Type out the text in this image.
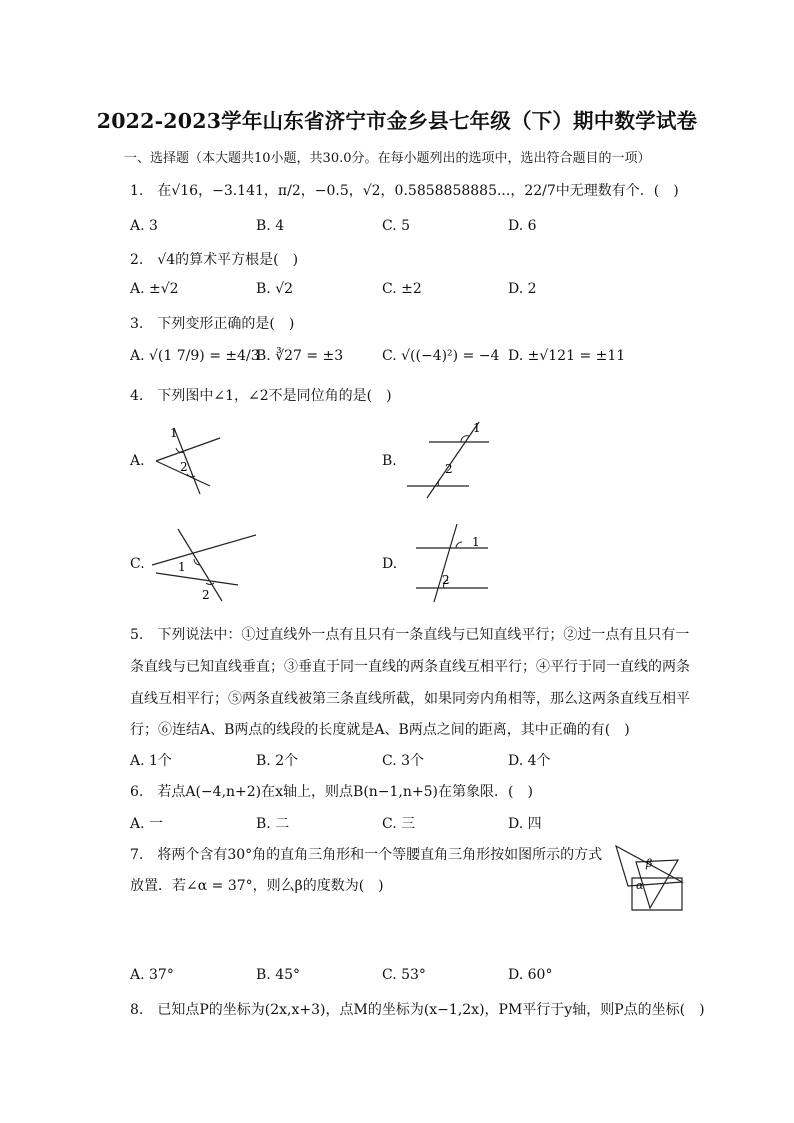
2022-2023学年山东省济宁市金乡县七年级（下）期中数学试卷
一、选择题（本大题共10小题，共30.0分。在每小题列出的选项中，选出符合题目的一项）
1.　在√16，−3.141，π/2，−0.5，√2，0.5858858885...，22/7中无理数有个．(　)
A. 3	B. 4	C. 5	D. 6
2.　√4的算术平方根是(　)
A. ±√2	B. √2	C. ±2	D. 2
3.　下列变形正确的是(　)
A. √(1 7/9) = ±4/3
B. ∛27 = ±3	C. √((−4)²) = −4 D. ±√121 = ±11
4.　下列图中∠1，∠2不是同位角的是(　)
A.
1
2	B.
1
2
C.	1
2
D.
1
2
5.　下列说法中：①过直线外一点有且只有一条直线与已知直线平行；②过一点有且只有一
条直线与已知直线垂直；③垂直于同一直线的两条直线互相平行；④平行于同一直线的两条
直线互相平行；⑤两条直线被第三条直线所截，如果同旁内角相等，那么这两条直线互相平
行；⑥连结A、B两点的线段的长度就是A、B两点之间的距离，其中正确的有(　)
A. 1个	B. 2个	C. 3个	D. 4个
6.　若点A(−4,n+2)在x轴上，则点B(n−1,n+5)在第象限．(　)
A. 一	B. 二	C. 三	D. 四
7.　将两个含有30°角的直角三角形和一个等腰直角三角形按如图所示的方式
放置．若∠α = 37°，则么β的度数为(　)
β
α
A. 37°	B. 45°	C. 53°	D. 60°
8.　已知点P的坐标为(2x,x+3)，点M的坐标为(x−1,2x)，PM平行于y轴，则P点的坐标(　)
